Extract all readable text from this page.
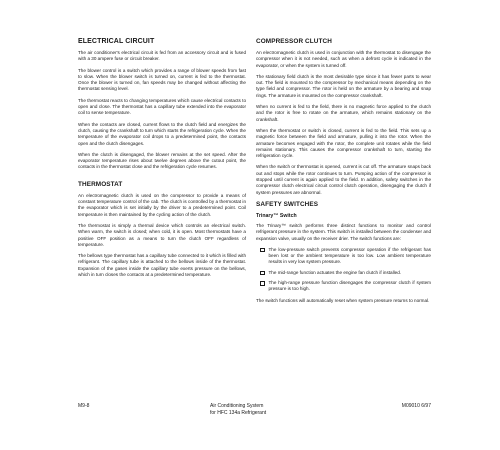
ELECTRICAL CIRCUIT

The air conditioner's electrical circuit is fed from an accessory circuit and is fused with a 30 ampere fuse or circuit breaker.

The blower control is a switch which provides a range of blower speeds from fast to slow. When the blower switch is turned on, current is fed to the thermostat. Once the blower is turned on, fan speeds may be changed without affecting the thermostat sensing level.

The thermostat reacts to changing temperatures which cause electrical contacts to open and close. The thermostat has a capillary tube extended into the evaporator coil to sense temperature.

When the contacts are closed, current flows to the clutch field and energizes the clutch, causing the crankshaft to turn which starts the refrigeration cycle. When the temperature of the evaporator coil drops to a predetermined point, the contacts open and the clutch disengages.

When the clutch is disengaged, the blower remains at the set speed. After the evaporator temperature rises about twelve degrees above the cutout point, the contacts in the thermostat close and the refrigeration cycle resumes.

THERMOSTAT

An electromagnetic clutch is used on the compressor to provide a means of constant temperature control of the cab. The clutch is controlled by a thermostat in the evaporator which is set initially by the driver to a predetermined point. Coil temperature is then maintained by the cycling action of the clutch.

The thermostat is simply a thermal device which controls an electrical switch. When warm, the switch is closed; when cold, it is open. Most thermostats have a positive OFF position as a means to turn the clutch OFF regardless of temperature.

The bellows type thermostat has a capillary tube connected to it which is filled with refrigerant. The capillary tube is attached to the bellows inside of the thermostat. Expansion of the gases inside the capillary tube exerts pressure on the bellows, which in turn closes the contacts at a predetermined temperature.

COMPRESSOR CLUTCH

An electromagnetic clutch is used in conjunction with the thermostat to disengage the compressor when it is not needed, such as when a defrost cycle is indicated in the evaporator, or when the system is turned off.

The stationary field clutch is the most desirable type since it has fewer parts to wear out. The field is mounted to the compressor by mechanical means depending on the type field and compressor. The rotor is held on the armature by a bearing and snap rings. The armature is mounted on the compressor crankshaft.

When no current is fed to the field, there is no magnetic force applied to the clutch and the rotor is free to rotate on the armature, which remains stationary on the crankshaft.

When the thermostat or switch is closed, current is fed to the field. This sets up a magnetic force between the field and armature, pulling it into the rotor. When the armature becomes engaged with the rotor, the complete unit rotates while the field remains stationary. This causes the compressor crankshaft to turn, starting the refrigeration cycle.

When the switch or thermostat is opened, current is cut off. The armature snaps back out and stops while the rotor continues to turn. Pumping action of the compressor is stopped until current is again applied to the field. In addition, safety switches in the compressor clutch electrical circuit control clutch operation, disengaging the clutch if system pressures are abnormal.

SAFETY SWITCHES
Trinary™ Switch

The Trinary™ switch performs three distinct functions to monitor and control refrigerant pressure in the system. This switch is installed between the condenser and expansion valve, usually on the receiver drier. The switch functions are:

The low-pressure switch prevents compressor operation if the refrigerant has been lost or the ambient temperature is too low. Low ambient temperature results in very low system pressure.
The mid-range function actuates the engine fan clutch if installed.
The high-range pressure function disengages the compressor clutch if system pressure is too high.

The switch functions will automatically reset when system pressure returns to normal.

M9-8	Air Conditioning System
for HFC 134a Refrigerant
M09010 6/97
